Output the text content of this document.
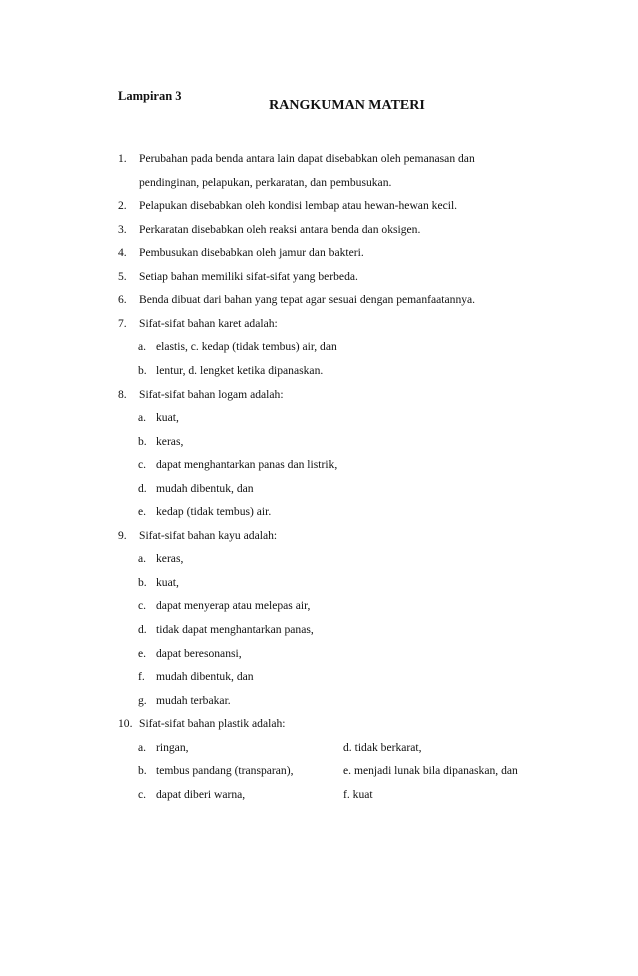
Lampiran 3
RANGKUMAN MATERI
1. Perubahan pada benda antara lain dapat disebabkan oleh pemanasan dan
pendinginan, pelapukan, perkaratan, dan pembusukan.
2. Pelapukan disebabkan oleh kondisi lembap atau hewan-hewan kecil.
3. Perkaratan disebabkan oleh reaksi antara benda dan oksigen.
4. Pembusukan disebabkan oleh jamur dan bakteri.
5. Setiap bahan memiliki sifat-sifat yang berbeda.
6. Benda dibuat dari bahan yang tepat agar sesuai dengan pemanfaatannya.
7. Sifat-sifat bahan karet adalah:
a. elastis, c. kedap (tidak tembus) air, dan
b. lentur, d. lengket ketika dipanaskan.
8. Sifat-sifat bahan logam adalah:
a. kuat,
b. keras,
c. dapat menghantarkan panas dan listrik,
d. mudah dibentuk, dan
e. kedap (tidak tembus) air.
9. Sifat-sifat bahan kayu adalah:
a. keras,
b. kuat,
c. dapat menyerap atau melepas air,
d. tidak dapat menghantarkan panas,
e. dapat beresonansi,
f. mudah dibentuk, dan
g. mudah terbakar.
10. Sifat-sifat bahan plastik adalah:
a. ringan,	d. tidak berkarat,
b. tembus pandang (transparan),	e. menjadi lunak bila dipanaskan, dan
c. dapat diberi warna,	f. kuat
